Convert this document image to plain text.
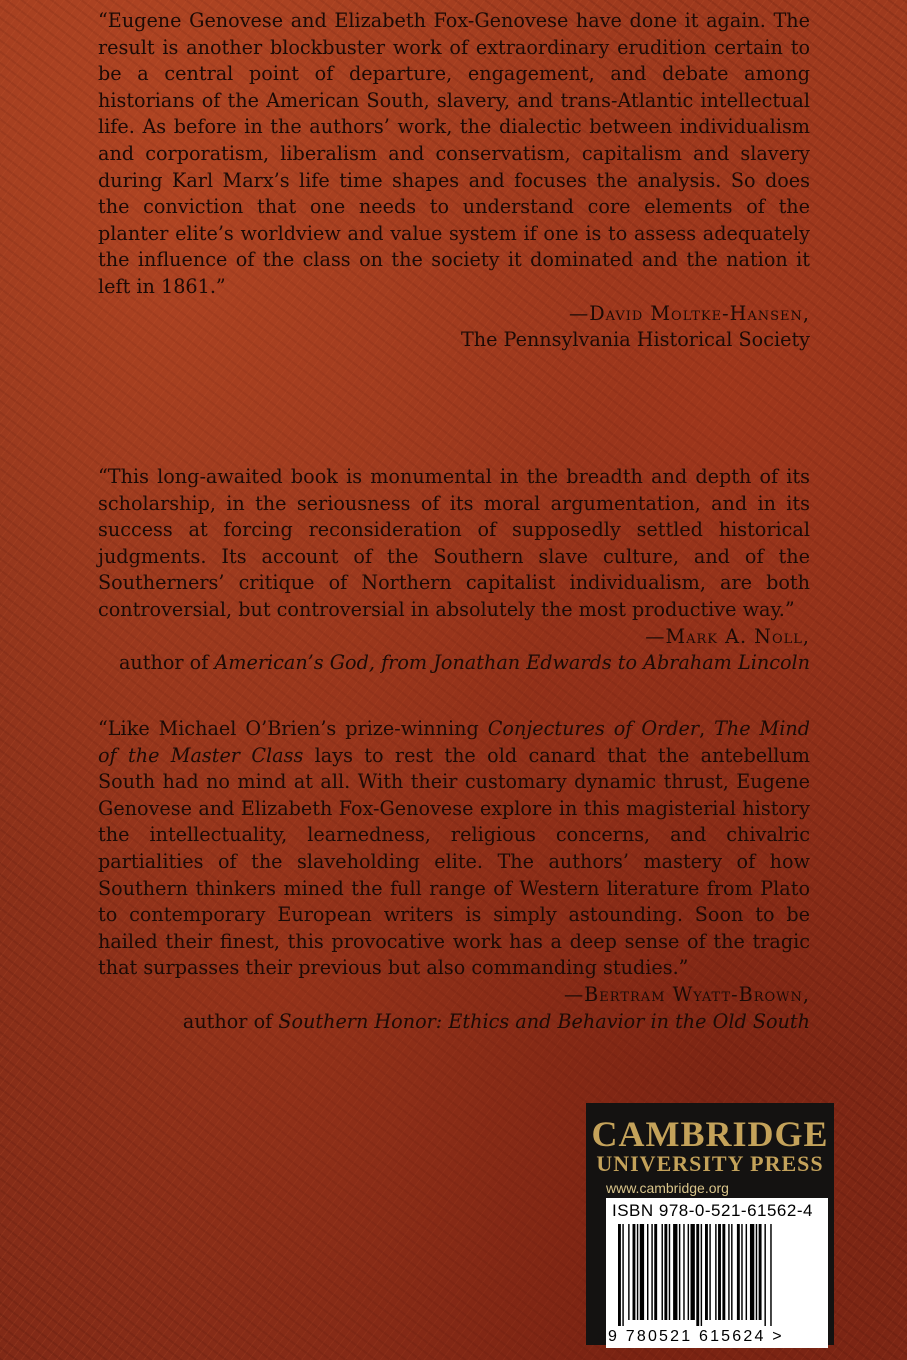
“Eugene Genovese and Elizabeth Fox-Genovese have done it again. The result is another blockbuster work of extraordinary erudition certain to be a central point of departure, engagement, and debate among historians of the American South, slavery, and trans-Atlantic intellectual life. As before in the authors’ work, the dialectic between individualism and corporatism, liberalism and conservatism, capitalism and slavery during Karl Marx’s life time shapes and focuses the analysis. So does the conviction that one needs to understand core elements of the planter elite’s worldview and value system if one is to assess adequately the influence of the class on the society it dominated and the nation it left in 1861.”

—David Moltke-Hansen,

The Pennsylvania Historical Society

“This long-awaited book is monumental in the breadth and depth of its scholarship, in the seriousness of its moral argumentation, and in its success at forcing reconsideration of supposedly settled historical judgments. Its account of the Southern slave culture, and of the Southerners’ critique of Northern capitalist individualism, are both controversial, but controversial in absolutely the most productive way.”

—Mark A. Noll,

author of American’s God, from Jonathan Edwards to Abraham Lincoln

“Like Michael O’Brien’s prize-winning Conjectures of Order, The Mind of the Master Class lays to rest the old canard that the antebellum South had no mind at all. With their customary dynamic thrust, Eugene Genovese and Elizabeth Fox-Genovese explore in this magisterial history the intellectuality, learnedness, religious concerns, and chivalric partialities of the slaveholding elite. The authors’ mastery of how Southern thinkers mined the full range of Western literature from Plato to contemporary European writers is simply astounding. Soon to be hailed their finest, this provocative work has a deep sense of the tragic that surpasses their previous but also commanding studies.”

—Bertram Wyatt-Brown,

author of Southern Honor: Ethics and Behavior in the Old South

CAMBRIDGE
UNIVERSITY PRESS
www.cambridge.org
ISBN 978-0-521-61562-4
9 780521 615624 >
